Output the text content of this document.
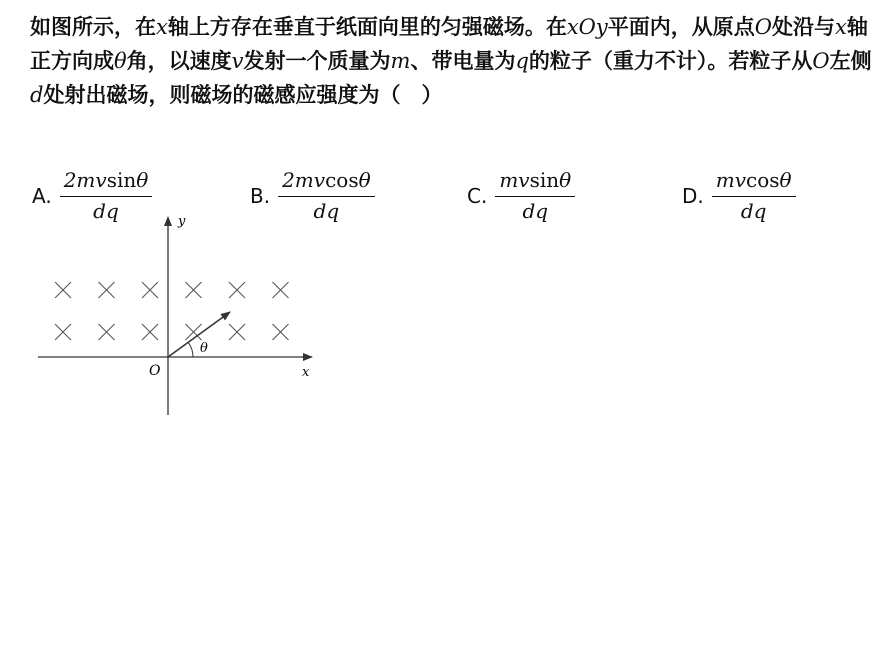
如图所示，在x轴上方存在垂直于纸面向里的匀强磁场。在xOy平面内，从原点O处沿与x轴正方向成θ角，以速度v发射一个质量为m、带电量为q的粒子（重力不计）。若粒子从O左侧d处射出磁场，则磁场的磁感应强度为（　）

A. $\frac{2mvsin\theta}{dq}$	B. $\frac{2mvcos\theta}{dq}$	C. $\frac{mvsin\theta}{dq}$	D. $\frac{mvcos\theta}{dq}$
y
x
O
θ
